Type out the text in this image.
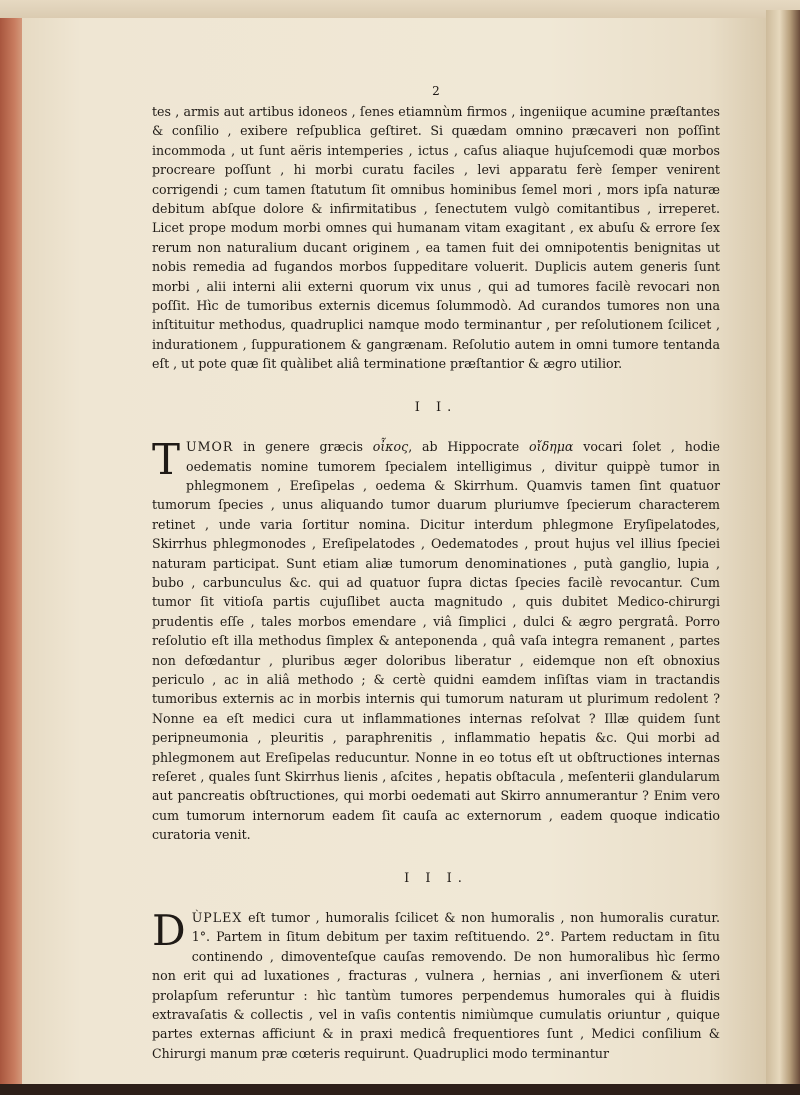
2

tes , armis aut artibus idoneos , ſenes etiamnùm firmos , ingeniique acumine præſtantes & conſilio , exibere reſpublica geſtiret. Si quædam omnino præcaveri non poſſint incommoda , ut ſunt aëris intemperies , ictus , caſus aliaque hujuſcemodi quæ morbos procreare poſſunt , hi morbi curatu faciles , levi apparatu ferè ſemper venirent corrigendi ; cum tamen ſtatutum ſit omnibus hominibus ſemel mori , mors ipſa naturæ debitum abſque dolore & infirmitatibus , ſenectutem vulgò comitantibus , irreperet. Licet prope modum morbi omnes qui humanam vitam exagitant , ex abuſu & errore ſex rerum non naturalium ducant originem , ea tamen fuit dei omnipotentis benignitas ut nobis remedia ad fugandos morbos ſuppeditare voluerit. Duplicis autem generis ſunt morbi , alii interni alii externi quorum vix unus , qui ad tumores facilè revocari non poſſit. Hìc de tumoribus externis dicemus ſolummodò. Ad curandos tumores non una inſtituitur methodus, quadruplici namque modo terminantur , per reſolutionem ſcilicet , indurationem , ſuppurationem & gangrænam. Reſolutio autem in omni tumore tentanda eſt , ut pote quæ ſit quàlibet aliâ terminatione præſtantior & ægro utilior.

I I.

T UMOR in genere græcis οἶκος, ab Hippocrate οἴδημα vocari ſolet , hodie oedematis nomine tumorem ſpecialem intelligimus , divitur quippè tumor in phlegmonem , Ereſipelas , oedema & Skirrhum. Quamvis tamen ſint quatuor tumorum ſpecies , unus aliquando tumor duarum pluriumve ſpecierum characterem retinet , unde varia ſortitur nomina. Dicitur interdum phlegmone Eryſipelatodes, Skirrhus phlegmonodes , Ereſipelatodes , Oedematodes , prout hujus vel illius ſpeciei naturam participat. Sunt etiam aliæ tumorum denominationes , putà ganglio, lupia , bubo , carbunculus &c. qui ad quatuor ſupra dictas ſpecies facilè revocantur. Cum tumor ſit vitioſa partis cujuſlibet aucta magnitudo , quis dubitet Medico-chirurgi prudentis eſſe , tales morbos emendare , viâ ſimplici , dulci & ægro pergratâ. Porro reſolutio eſt illa methodus ſimplex & anteponenda , quâ vaſa integra remanent , partes non defœdantur , pluribus æger doloribus liberatur , eidemque non eſt obnoxius periculo , ac in aliâ methodo ; & certè quidni eamdem inſiſtas viam in tractandis tumoribus externis ac in morbis internis qui tumorum naturam ut plurimum redolent ? Nonne ea eſt medici cura ut inflammationes internas reſolvat ? Illæ quidem ſunt peripneumonia , pleuritis , paraphrenitis , inflammatio hepatis &c. Qui morbi ad phlegmonem aut Ereſipelas reducuntur. Nonne in eo totus eſt ut obſtructiones internas reſeret , quales ſunt Skirrhus lienis , aſcites , hepatis obſtacula , meſenterii glandularum aut pancreatis obſtructiones, qui morbi oedemati aut Skirro annumerantur ? Enim vero cum tumorum internorum eadem ſit cauſa ac externorum , eadem quoque indicatio curatoria venit.

I I I.

D ÙPLEX eſt tumor , humoralis ſcilicet & non humoralis , non humoralis curatur. 1°. Partem in ſitum debitum per taxim reſtituendo. 2°. Partem reductam in ſitu continendo , dimoventeſque cauſas removendo. De non humoralibus hìc ſermo non erit qui ad luxationes , fracturas , vulnera , hernias , ani inverſionem & uteri prolapſum referuntur : hìc tantùm tumores perpendemus humorales qui à fluidis extravaſatis & collectis , vel in vaſis contentis nimiùmque cumulatis oriuntur , quique partes externas afficiunt & in praxi medicâ frequentiores ſunt , Medici conſilium & Chirurgi manum præ cœteris requirunt. Quadruplici modo terminantur
